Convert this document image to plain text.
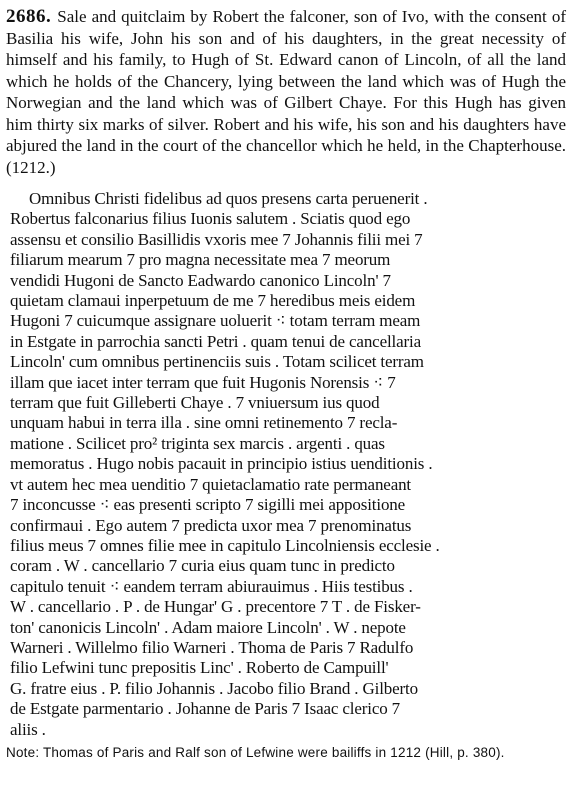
2686. Sale and quitclaim by Robert the falconer, son of Ivo, with the consent of Basilia his wife, John his son and of his daughters, in the great necessity of himself and his family, to Hugh of St. Edward canon of Lincoln, of all the land which he holds of the Chancery, lying between the land which was of Hugh the Norwegian and the land which was of Gilbert Chaye. For this Hugh has given him thirty six marks of silver. Robert and his wife, his son and his daughters have abjured the land in the court of the chancellor which he held, in the Chapterhouse. (1212.)

Omnibus Christi fidelibus ad quos presens carta peruenerit .
Robertus falconarius filius Iuonis salutem . Sciatis quod ego
assensu et consilio Basillidis vxoris mee 7 Johannis filii mei 7
filiarum mearum 7 pro magna necessitate mea 7 meorum
vendidi Hugoni de Sancto Eadwardo canonico Lincoln' 7
quietam clamaui inperpetuum de me 7 heredibus meis eidem
Hugoni 7 cuicumque assignare uoluerit ⁖ totam terram meam
in Estgate in parrochia sancti Petri . quam tenui de cancellaria
Lincoln' cum omnibus pertinenciis suis . Totam scilicet terram
illam que iacet inter terram que fuit Hugonis Norensis ⁖ 7
terram que fuit Gilleberti Chaye . 7 vniuersum ius quod
unquam habui in terra illa . sine omni retinemento 7 recla-
matione . Scilicet pro² triginta sex marcis . argenti . quas
memoratus . Hugo nobis pacauit in principio istius uenditionis .
vt autem hec mea uenditio 7 quietaclamatio rate permaneant
7 inconcusse ⁖ eas presenti scripto 7 sigilli mei appositione
confirmaui . Ego autem 7 predicta uxor mea 7 prenominatus
filius meus 7 omnes filie mee in capitulo Lincolniensis ecclesie .
coram . W . cancellario 7 curia eius quam tunc in predicto
capitulo tenuit ⁖ eandem terram abiurauimus . Hiis testibus .
W . cancellario . P . de Hungar' G . precentore 7 T . de Fisker-
ton' canonicis Lincoln' . Adam maiore Lincoln' . W . nepote
Warneri . Willelmo filio Warneri . Thoma de Paris 7 Radulfo
filio Lefwini tunc prepositis Linc' . Roberto de Campuill'
G. fratre eius . P. filio Johannis . Jacobo filio Brand . Gilberto
de Estgate parmentario . Johanne de Paris 7 Isaac clerico 7
aliis .
Note: Thomas of Paris and Ralf son of Lefwine were bailiffs in 1212 (Hill, p. 380).
